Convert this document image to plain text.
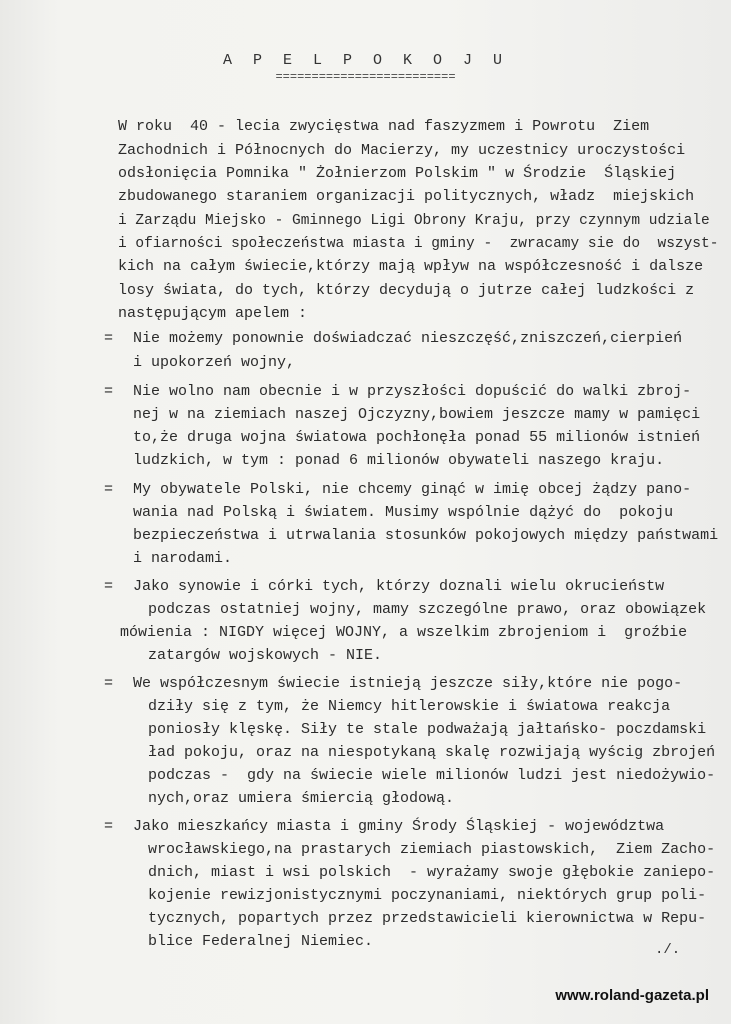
A P E L P O K O J U
=========================
W roku  40 - lecia zwycięstwa nad faszyzmem i Powrotu  Ziem
Zachodnich i Północnych do Macierzy, my uczestnicy uroczystości
odsłonięcia Pomnika " Żołnierzom Polskim " w Środzie  Śląskiej
zbudowanego staraniem organizacji politycznych, władz  miejskich
i Zarządu Miejsko - Gminnego Ligi Obrony Kraju, przy czynnym udziale
i ofiarności społeczeństwa miasta i gminy -  zwracamy sie do  wszyst-
kich na całym świecie,którzy mają wpływ na współczesność i dalsze
losy świata, do tych, którzy decydują o jutrze całej ludzkości z
następującym apelem :
= Nie możemy ponownie doświadczać nieszczęść,zniszczeń,cierpień
i upokorzeń wojny,
= Nie wolno nam obecnie i w przyszłości dopuścić do walki zbroj-
nej w na ziemiach naszej Ojczyzny,bowiem jeszcze mamy w pamięci
to,że druga wojna światowa pochłonęła ponad 55 milionów istnień
ludzkich, w tym : ponad 6 milionów obywateli naszego kraju.
= My obywatele Polski, nie chcemy ginąć w imię obcej żądzy pano-
wania nad Polską i światem. Musimy wspólnie dążyć do  pokoju
bezpieczeństwa i utrwalania stosunków pokojowych między państwami
i narodami.
= Jako synowie i córki tych, którzy doznali wielu okrucieństw
podczas ostatniej wojny, mamy szczególne prawo, oraz obowiązek
mówienia : NIGDY więcej WOJNY, a wszelkim zbrojeniom i  groźbie
zatargów wojskowych - NIE.
= We współczesnym świecie istnieją jeszcze siły,które nie pogo-
dziły się z tym, że Niemcy hitlerowskie i światowa reakcja
poniosły klęskę. Siły te stale podważają jałtańsko- poczdamski
ład pokoju, oraz na niespotykaną skalę rozwijają wyścig zbrojeń
podczas -  gdy na świecie wiele milionów ludzi jest niedożywio-
nych,oraz umiera śmiercią głodową.
= Jako mieszkańcy miasta i gminy Środy Śląskiej - województwa
wrocławskiego,na prastarych ziemiach piastowskich,  Ziem Zacho-
dnich, miast i wsi polskich  - wyrażamy swoje głębokie zaniepo-
kojenie rewizjonistycznymi poczynaniami, niektórych grup poli-
tycznych, popartych przez przedstawicieli kierownictwa w Repu-
blice Federalnej Niemiec.	./.
www.roland-gazeta.pl
